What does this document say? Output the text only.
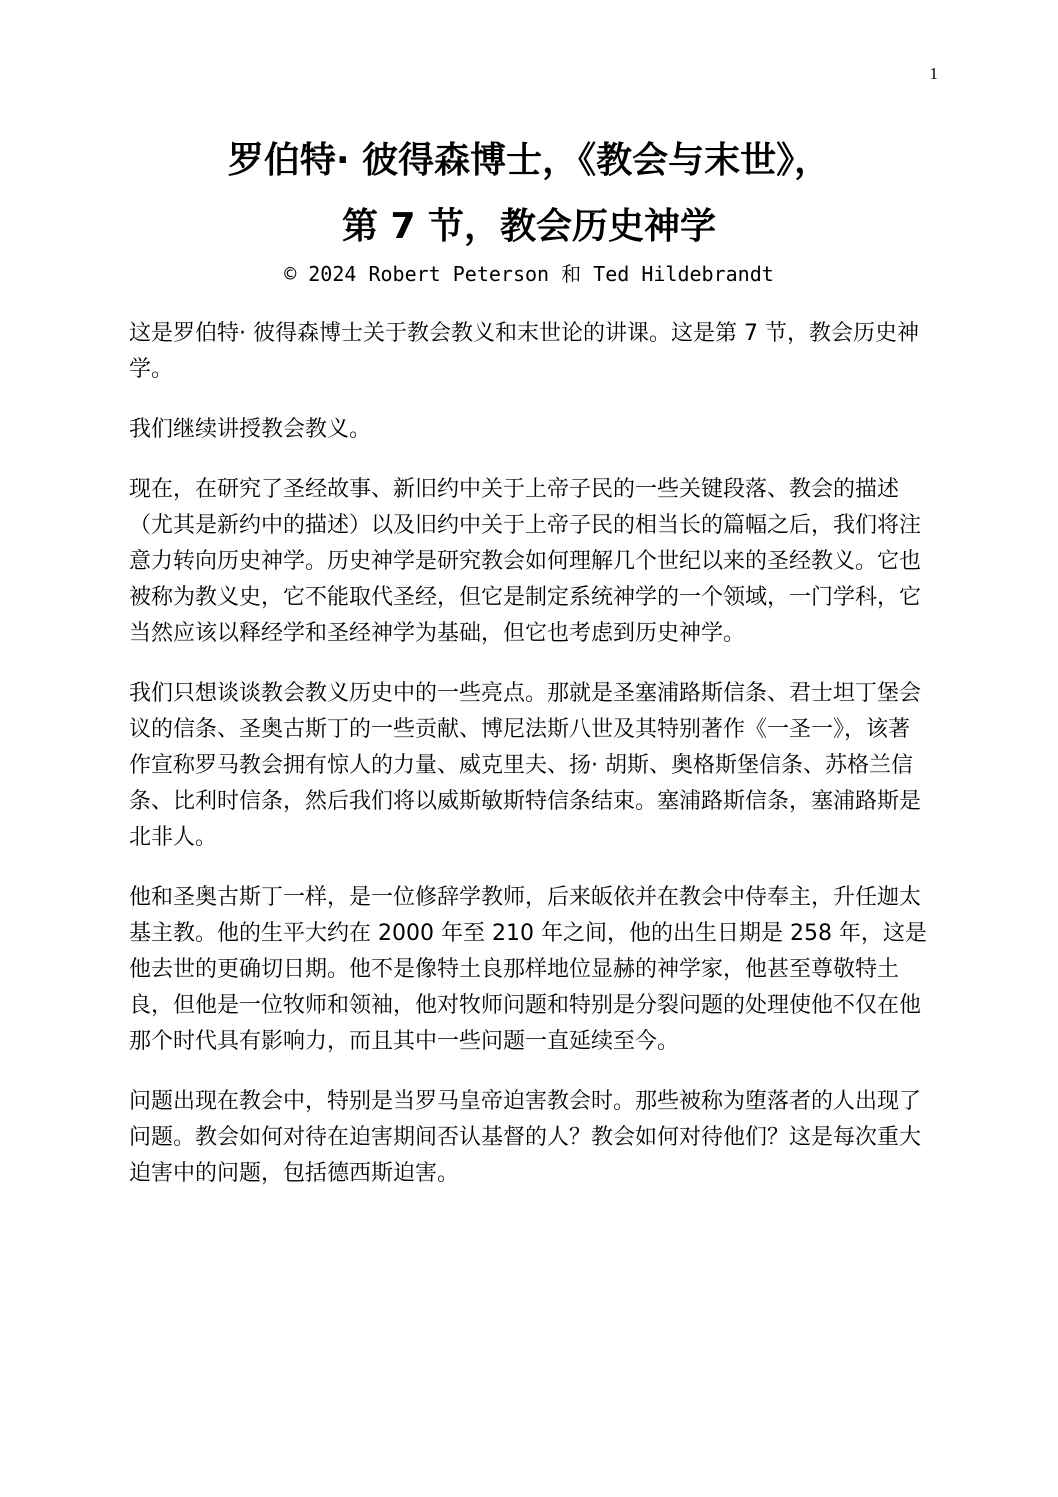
1
罗伯特· 彼得森博士，《教会与末世》，
第 7 节，教会历史神学
© 2024 Robert Peterson 和 Ted Hildebrandt

这是罗伯特· 彼得森博士关于教会教义和末世论的讲课。这是第 7 节，教会历史神学。

我们继续讲授教会教义。

现在，在研究了圣经故事、新旧约中关于上帝子民的一些关键段落、教会的描述（尤其是新约中的描述）以及旧约中关于上帝子民的相当长的篇幅之后，我们将注意力转向历史神学。历史神学是研究教会如何理解几个世纪以来的圣经教义。它也被称为教义史，它不能取代圣经，但它是制定系统神学的一个领域，一门学科，它当然应该以释经学和圣经神学为基础，但它也考虑到历史神学。

我们只想谈谈教会教义历史中的一些亮点。那就是圣塞浦路斯信条、君士坦丁堡会议的信条、圣奥古斯丁的一些贡献、博尼法斯八世及其特别著作《一圣一》，该著作宣称罗马教会拥有惊人的力量、威克里夫、扬· 胡斯、奥格斯堡信条、苏格兰信条、比利时信条，然后我们将以威斯敏斯特信条结束。塞浦路斯信条，塞浦路斯是北非人。

他和圣奥古斯丁一样，是一位修辞学教师，后来皈依并在教会中侍奉主，升任迦太基主教。他的生平大约在 2000 年至 210 年之间，他的出生日期是 258 年，这是他去世的更确切日期。他不是像特土良那样地位显赫的神学家，他甚至尊敬特土良，但他是一位牧师和领袖，他对牧师问题和特别是分裂问题的处理使他不仅在他那个时代具有影响力，而且其中一些问题一直延续至今。

问题出现在教会中，特别是当罗马皇帝迫害教会时。那些被称为堕落者的人出现了问题。教会如何对待在迫害期间否认基督的人？教会如何对待他们？这是每次重大迫害中的问题，包括德西斯迫害。
